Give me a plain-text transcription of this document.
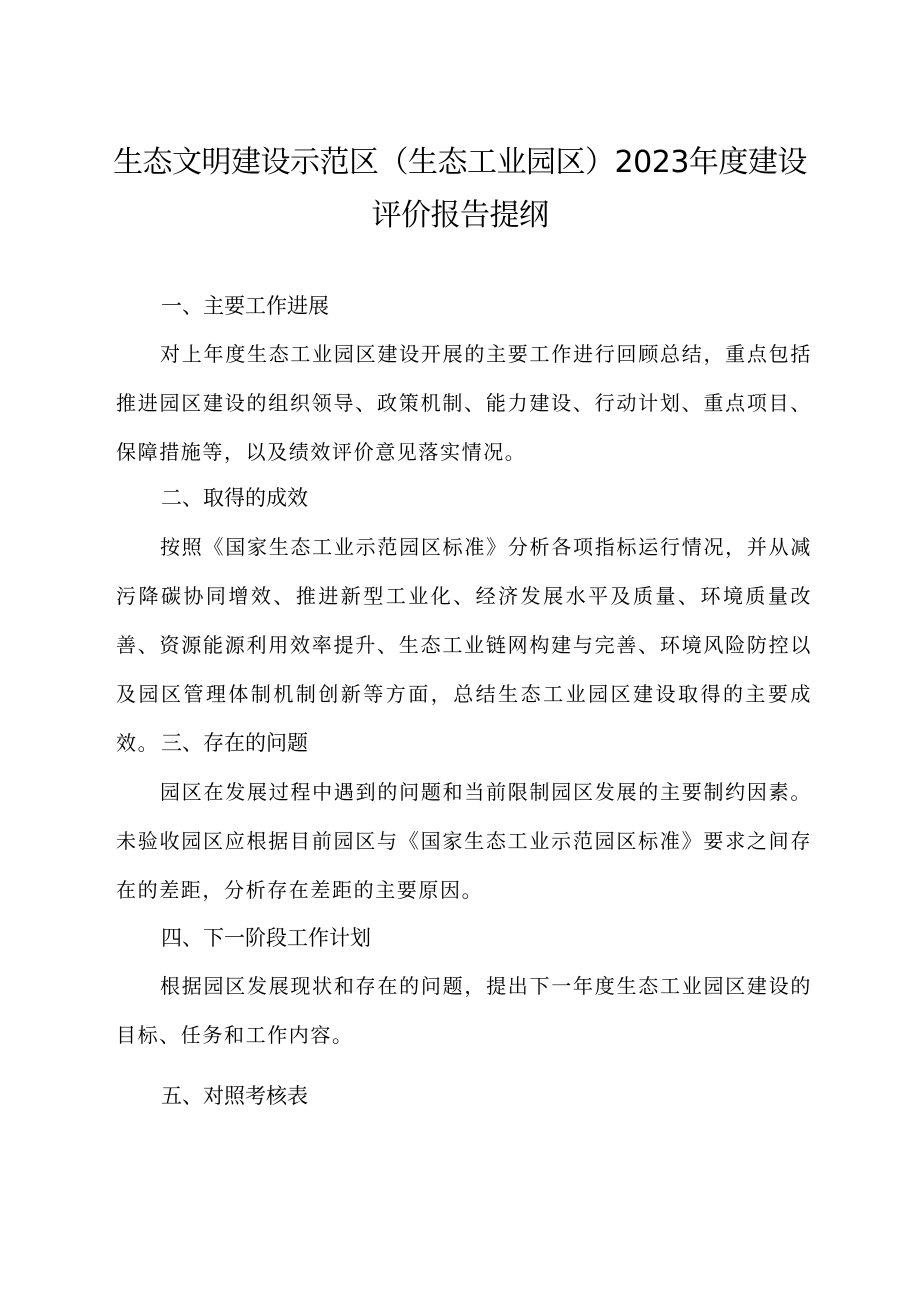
生态文明建设示范区（生态工业园区）2023年度建设
评价报告提纲
一、主要工作进展

对上年度生态工业园区建设开展的主要工作进行回顾总结，重点包括推进园区建设的组织领导、政策机制、能力建设、行动计划、重点项目、保障措施等，以及绩效评价意见落实情况。

二、取得的成效

按照《国家生态工业示范园区标准》分析各项指标运行情况，并从减污降碳协同增效、推进新型工业化、经济发展水平及质量、环境质量改善、资源能源利用效率提升、生态工业链网构建与完善、环境风险防控以及园区管理体制机制创新等方面，总结生态工业园区建设取得的主要成效。 三、存在的问题

园区在发展过程中遇到的问题和当前限制园区发展的主要制约因素。未验收园区应根据目前园区与《国家生态工业示范园区标准》要求之间存在的差距，分析存在差距的主要原因。

四、下一阶段工作计划

根据园区发展现状和存在的问题，提出下一年度生态工业园区建设的目标、任务和工作内容。

五、对照考核表
